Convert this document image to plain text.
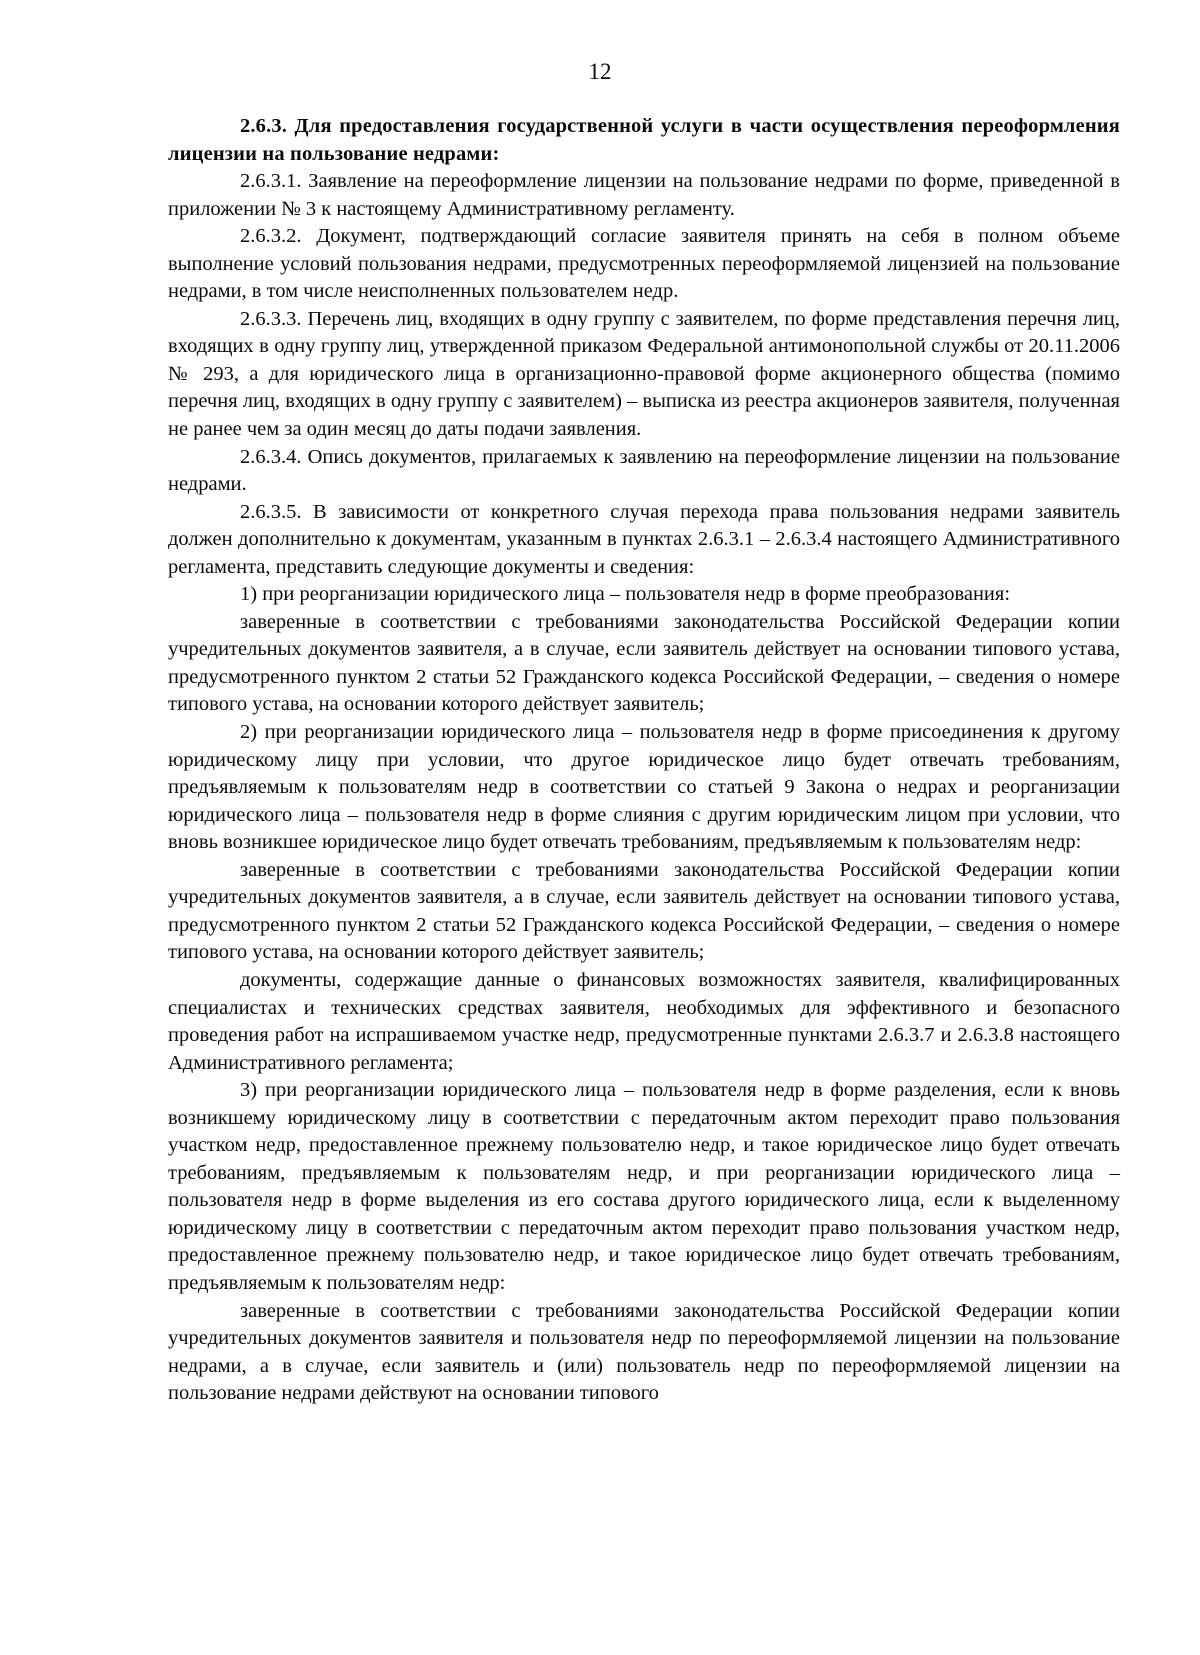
12

2.6.3. Для предоставления государственной услуги в части осуществления переоформления лицензии на пользование недрами:

2.6.3.1. Заявление на переоформление лицензии на пользование недрами по форме, приведенной в приложении № 3 к настоящему Административному регламенту.

2.6.3.2. Документ, подтверждающий согласие заявителя принять на себя в полном объеме выполнение условий пользования недрами, предусмотренных переоформляемой лицензией на пользование недрами, в том числе неисполненных пользователем недр.

2.6.3.3. Перечень лиц, входящих в одну группу с заявителем, по форме представления перечня лиц, входящих в одну группу лиц, утвержденной приказом Федеральной антимонопольной службы от 20.11.2006 № 293, а для юридического лица в организационно-правовой форме акционерного общества (помимо перечня лиц, входящих в одну группу с заявителем) – выписка из реестра акционеров заявителя, полученная не ранее чем за один месяц до даты подачи заявления.

2.6.3.4. Опись документов, прилагаемых к заявлению на переоформление лицензии на пользование недрами.

2.6.3.5. В зависимости от конкретного случая перехода права пользования недрами заявитель должен дополнительно к документам, указанным в пунктах 2.6.3.1 – 2.6.3.4 настоящего Административного регламента, представить следующие документы и сведения:

1) при реорганизации юридического лица – пользователя недр в форме преобразования:

заверенные в соответствии с требованиями законодательства Российской Федерации копии учредительных документов заявителя, а в случае, если заявитель действует на основании типового устава, предусмотренного пунктом 2 статьи 52 Гражданского кодекса Российской Федерации, – сведения о номере типового устава, на основании которого действует заявитель;

2) при реорганизации юридического лица – пользователя недр в форме присоединения к другому юридическому лицу при условии, что другое юридическое лицо будет отвечать требованиям, предъявляемым к пользователям недр в соответствии со статьей 9 Закона о недрах и реорганизации юридического лица – пользователя недр в форме слияния с другим юридическим лицом при условии, что вновь возникшее юридическое лицо будет отвечать требованиям, предъявляемым к пользователям недр:

заверенные в соответствии с требованиями законодательства Российской Федерации копии учредительных документов заявителя, а в случае, если заявитель действует на основании типового устава, предусмотренного пунктом 2 статьи 52 Гражданского кодекса Российской Федерации, – сведения о номере типового устава, на основании которого действует заявитель;

документы, содержащие данные о финансовых возможностях заявителя, квалифицированных специалистах и технических средствах заявителя, необходимых для эффективного и безопасного проведения работ на испрашиваемом участке недр, предусмотренные пунктами 2.6.3.7 и 2.6.3.8 настоящего Административного регламента;

3) при реорганизации юридического лица – пользователя недр в форме разделения, если к вновь возникшему юридическому лицу в соответствии с передаточным актом переходит право пользования участком недр, предоставленное прежнему пользователю недр, и такое юридическое лицо будет отвечать требованиям, предъявляемым к пользователям недр, и при реорганизации юридического лица – пользователя недр в форме выделения из его состава другого юридического лица, если к выделенному юридическому лицу в соответствии с передаточным актом переходит право пользования участком недр, предоставленное прежнему пользователю недр, и такое юридическое лицо будет отвечать требованиям, предъявляемым к пользователям недр:

заверенные в соответствии с требованиями законодательства Российской Федерации копии учредительных документов заявителя и пользователя недр по переоформляемой лицензии на пользование недрами, а в случае, если заявитель и (или) пользователь недр по переоформляемой лицензии на пользование недрами действуют на основании типового
